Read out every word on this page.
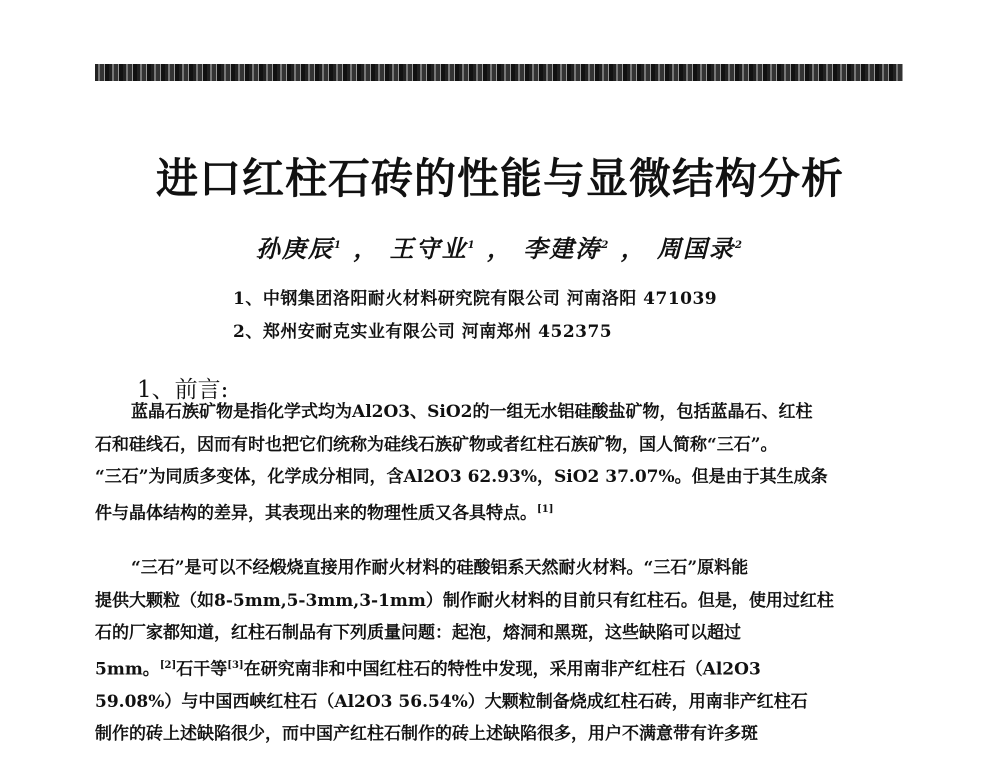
进口红柱石砖的性能与显微结构分析
孙庚辰$^1$ ， 王守业$^1$ ， 李建涛$^2$ ， 周国录$^2$
1、中钢集团洛阳耐火材料研究院有限公司 河南洛阳 471039
2、郑州安耐克实业有限公司 河南郑州 452375
1、前言:
蓝晶石族矿物是指化学式均为Al2O3、SiO2的一组无水铝硅酸盐矿物，包括蓝晶石、红柱
石和硅线石，因而有时也把它们统称为硅线石族矿物或者红柱石族矿物，国人简称“三石”。
“三石”为同质多变体，化学成分相同，含Al2O3 62.93%，SiO2 37.07%。但是由于其生成条
件与晶体结构的差异，其表现出来的物理性质又各具特点。[1]
“三石”是可以不经煅烧直接用作耐火材料的硅酸铝系天然耐火材料。“三石”原料能
提供大颗粒（如8-5mm,5-3mm,3-1mm）制作耐火材料的目前只有红柱石。但是，使用过红柱
石的厂家都知道，红柱石制品有下列质量问题：起泡，熔洞和黑斑，这些缺陷可以超过
5mm。[2]石干等[3]在研究南非和中国红柱石的特性中发现，采用南非产红柱石（Al2O3
59.08%）与中国西峡红柱石（Al2O3 56.54%）大颗粒制备烧成红柱石砖，用南非产红柱石
制作的砖上述缺陷很少，而中国产红柱石制作的砖上述缺陷很多，用户不满意带有许多斑
